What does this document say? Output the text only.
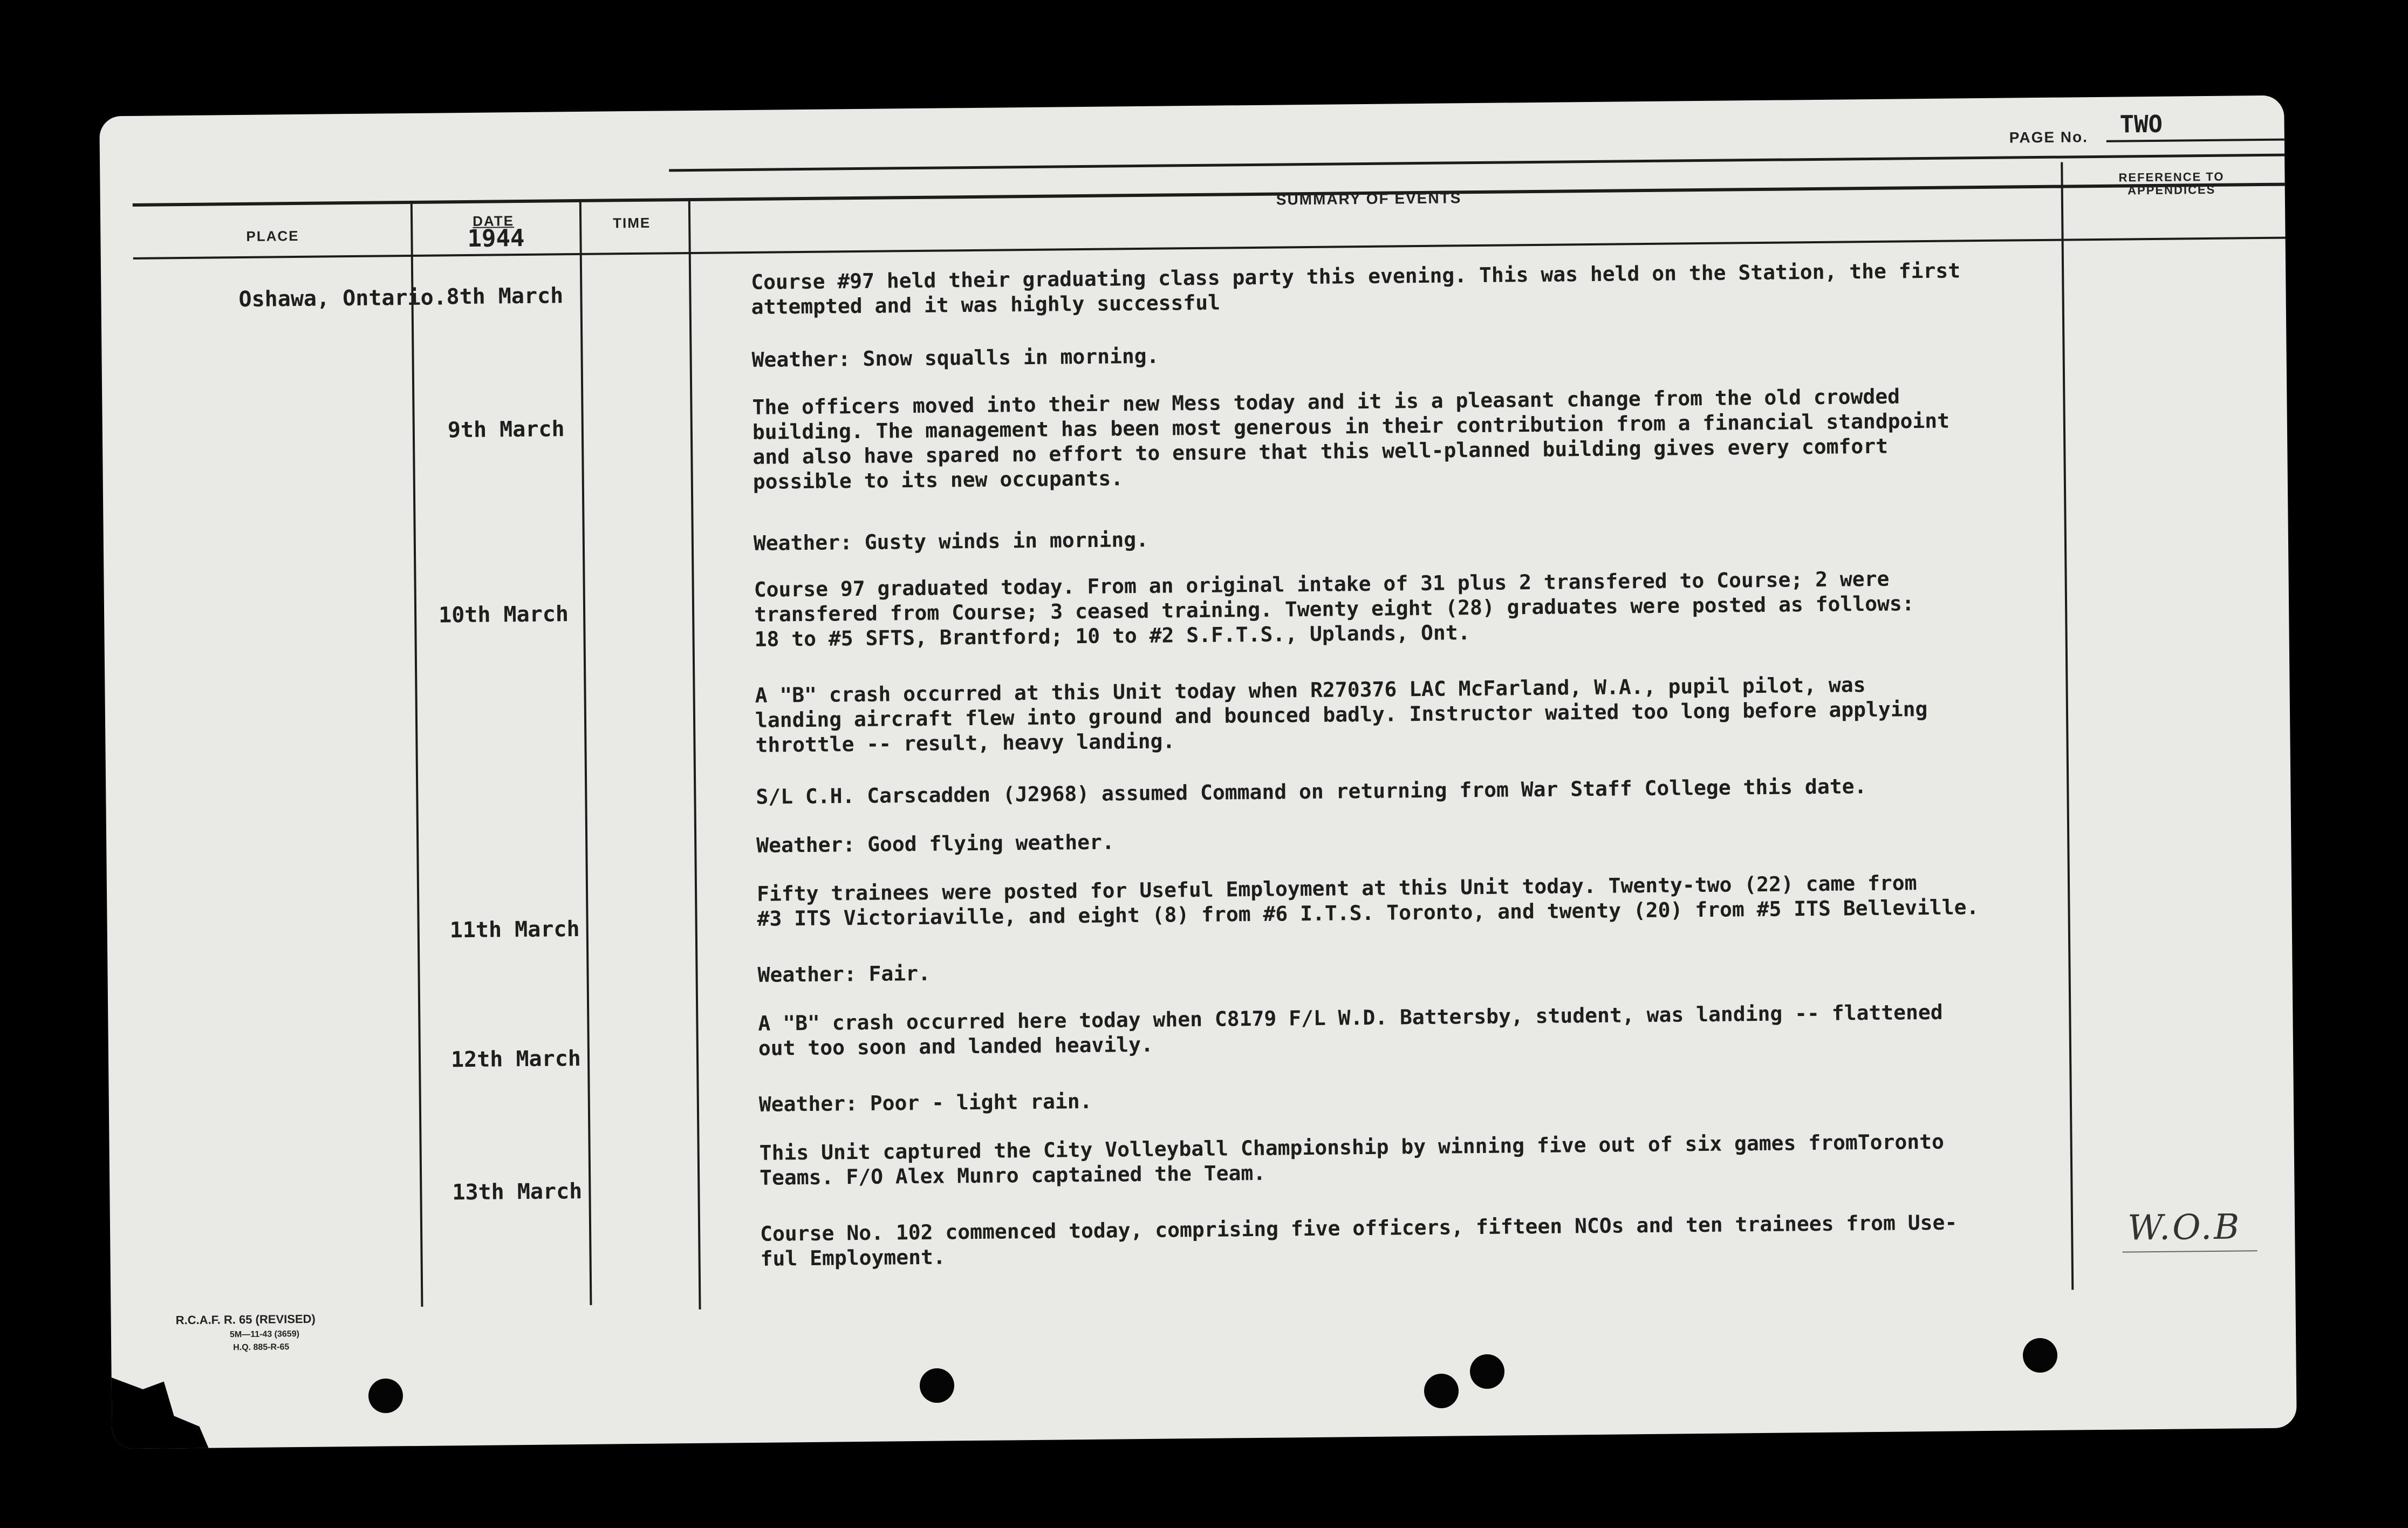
PAGE No. TWO
PLACE
DATE
1944
TIME
SUMMARY OF EVENTS
REFERENCE TO APPENDICES
Oshawa, Ontario. 8th March
9th March
10th March
11th March
12th March
13th March
Course #97 held their graduating class party this evening. This was held on the Station, the first
attempted and it was highly successful
Weather: Snow squalls in morning.
The officers moved into their new Mess today and it is a pleasant change from the old crowded
building. The management has been most generous in their contribution from a financial standpoint
and also have spared no effort to ensure that this well-planned building gives every comfort
possible to its new occupants.
Weather: Gusty winds in morning.
Course 97 graduated today. From an original intake of 31 plus 2 transfered to Course; 2 were
transfered from Course; 3 ceased training. Twenty eight (28) graduates were posted as follows:
18 to #5 SFTS, Brantford; 10 to #2 S.F.T.S., Uplands, Ont.
A "B" crash occurred at this Unit today when R270376 LAC McFarland, W.A., pupil pilot, was
landing aircraft flew into ground and bounced badly. Instructor waited too long before applying
throttle -- result, heavy landing.
S/L C.H. Carscadden (J2968) assumed Command on returning from War Staff College this date.
Weather: Good flying weather.
Fifty trainees were posted for Useful Employment at this Unit today. Twenty-two (22) came from
#3 ITS Victoriaville, and eight (8) from #6 I.T.S. Toronto, and twenty (20) from #5 ITS Belleville.
Weather: Fair.
A "B" crash occurred here today when C8179 F/L W.D. Battersby, student, was landing -- flattened
out too soon and landed heavily.
Weather: Poor - light rain.
This Unit captured the City Volleyball Championship by winning five out of six games fromToronto
Teams. F/O Alex Munro captained the Team.
Course No. 102 commenced today, comprising five officers, fifteen NCOs and ten trainees from Use-
ful Employment.
W.O.B
R.C.A.F. R. 65 (REVISED)
5M—11-43 (3659)
H.Q. 885-R-65
